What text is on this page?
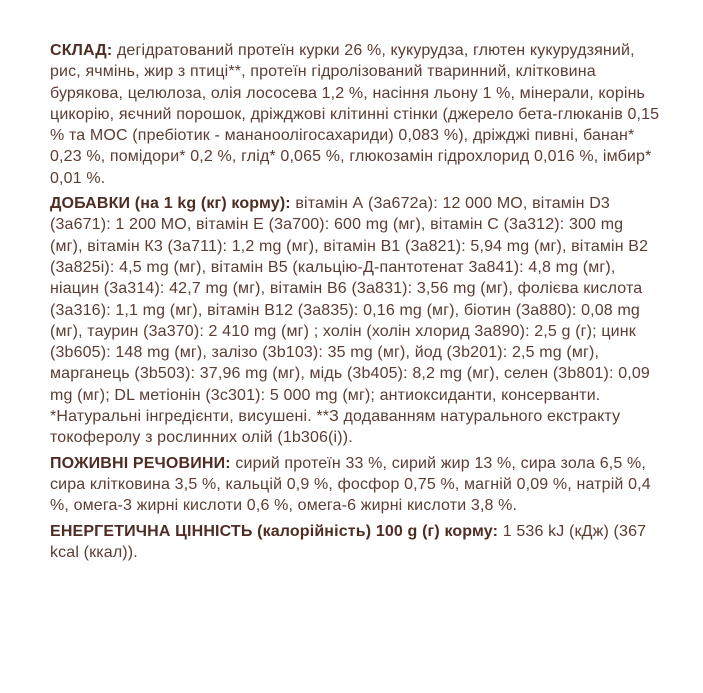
СКЛАД: дегідратований протеїн курки 26 %, кукурудза, глютен кукурудзяний, рис, ячмінь, жир з птиці**, протеїн гідролізований тваринний, клітковина бурякова, целюлоза, олія лососева 1,2 %, насіння льону 1 %, мінерали, корінь цикорію, яєчний порошок, дріжджові клітинні стінки (джерело бета-глюканів 0,15 % та МОС (пребіотик - мананоолігосахариди) 0,083 %), дріжджі пивні, банан* 0,23 %, помідори* 0,2 %, глід* 0,065 %, глюкозамін гідрохлорид 0,016 %, імбир* 0,01 %.

ДОБАВКИ (на 1 kg (кг) корму): вітамін А (3а672а): 12 000 МО, вітамін D3 (3а671): 1 200 МО, вітамін Е (3а700): 600 mg (мг), вітамін С (3а312): 300 mg (мг), вітамін К3 (3а711): 1,2 mg (мг), вітамін В1 (3а821): 5,94 mg (мг), вітамін В2 (3а825і): 4,5 mg (мг), вітамін В5 (кальцію-Д-пантотенат 3а841): 4,8 mg (мг), ніацин (3а314): 42,7 mg (мг), вітамін В6 (3а831): 3,56 mg (мг), фолієва кислота (3а316): 1,1 mg (мг), вітамін В12 (3а835): 0,16 mg (мг), біотин (3а880): 0,08 mg (мг), таурин (3а370): 2 410 mg (мг) ; холін (холін хлорид 3а890): 2,5 g (г); цинк (3b605): 148 mg (мг), залізо (3b103): 35 mg (мг), йод (3b201): 2,5 mg (мг), марганець (3b503): 37,96 mg (мг), мідь (3b405): 8,2 mg (мг), селен (3b801): 0,09 mg (мг); DL метіонін (3с301): 5 000 mg (мг); антиоксиданти, консерванти. *Натуральні інгредієнти, висушені. **З додаванням натурального екстракту токоферолу з рослинних олій (1b306(і)).

ПОЖИВНІ РЕЧОВИНИ: сирий протеїн 33 %, сирий жир 13 %, сира зола 6,5 %, сира клітковина 3,5 %, кальцій 0,9 %, фосфор 0,75 %, магній 0,09 %, натрій 0,4 %, омега-3 жирні кислоти 0,6 %, омега-6 жирні кислоти 3,8 %.

ЕНЕРГЕТИЧНА ЦІННІСТЬ (калорійність) 100 g (г) корму: 1 536 kJ (кДж) (367 kcal (ккал)).
